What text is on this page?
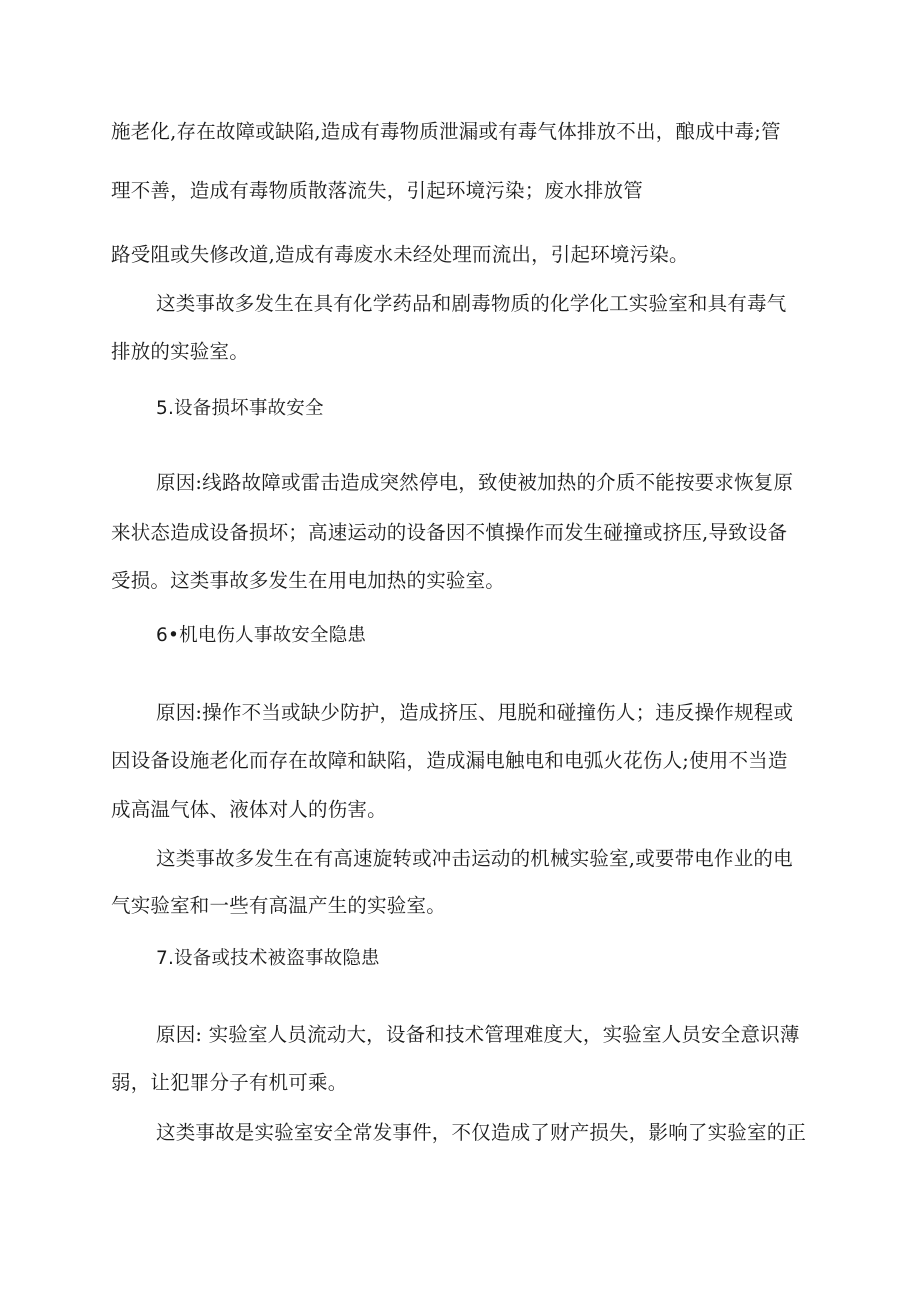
施老化,存在故障或缺陷,造成有毒物质泄漏或有毒气体排放不出，酿成中毒;管
理不善，造成有毒物质散落流失，引起环境污染；废水排放管
路受阻或失修改道,造成有毒废水未经处理而流出，引起环境污染。
这类事故多发生在具有化学药品和剧毒物质的化学化工实验室和具有毒气
排放的实验室。
5.设备损坏事故安全
原因:线路故障或雷击造成突然停电，致使被加热的介质不能按要求恢复原
来状态造成设备损坏；高速运动的设备因不慎操作而发生碰撞或挤压,导致设备
受损。这类事故多发生在用电加热的实验室。
6•机电伤人事故安全隐患
原因:操作不当或缺少防护，造成挤压、甩脱和碰撞伤人；违反操作规程或
因设备设施老化而存在故障和缺陷，造成漏电触电和电弧火花伤人;使用不当造
成高温气体、液体对人的伤害。
这类事故多发生在有高速旋转或冲击运动的机械实验室,或要带电作业的电
气实验室和一些有高温产生的实验室。
7.设备或技术被盗事故隐患
原因: 实验室人员流动大，设备和技术管理难度大，实验室人员安全意识薄
弱，让犯罪分子有机可乘。
这类事故是实验室安全常发事件，不仅造成了财产损失，影响了实验室的正
